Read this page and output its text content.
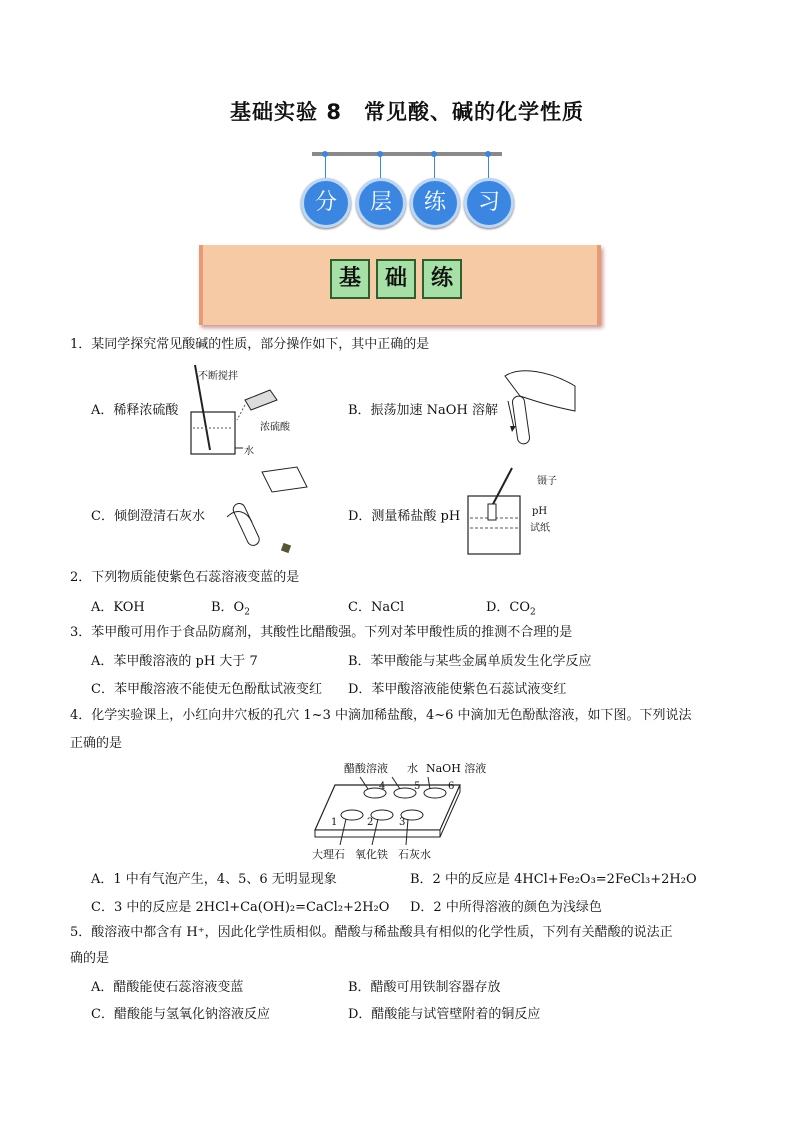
基础实验 8　常见酸、碱的化学性质
分	层	练	习
基	础	练
1．某同学探究常见酸碱的性质，部分操作如下，其中正确的是
A．稀释浓硫酸	B．振荡加速 NaOH 溶解
C．倾倒澄清石灰水	D．测量稀盐酸 pH
不断搅拌
浓硫酸
水
镊子
pH
试纸
2．下列物质能使紫色石蕊溶液变蓝的是
A．KOH	B．$O_2$	C．NaCl	D．$CO_2$
3．苯甲酸可用作于食品防腐剂，其酸性比醋酸强。下列对苯甲酸性质的推测不合理的是
A．苯甲酸溶液的 pH 大于 7	B．苯甲酸能与某些金属单质发生化学反应
C．苯甲酸溶液不能使无色酚酞试液变红 D．苯甲酸溶液能使紫色石蕊试液变红
4．化学实验课上，小红向井穴板的孔穴 1~3 中滴加稀盐酸，4~6 中滴加无色酚酞溶液，如下图。下列说法
正确的是
醋酸溶液 水 NaOH 溶液
4	5	6
1	2	3
大理石 氧化铁 石灰水
A．1 中有气泡产生，4、5、6 无明显现象	B．2 中的反应是 4HCl+Fe₂O₃=2FeCl₃+2H₂O
C．3 中的反应是 2HCl+Ca(OH)₂=CaCl₂+2H₂O D．2 中所得溶液的颜色为浅绿色
5．酸溶液中都含有 H⁺，因此化学性质相似。醋酸与稀盐酸具有相似的化学性质，下列有关醋酸的说法正
确的是
A．醋酸能使石蕊溶液变蓝	B．醋酸可用铁制容器存放
C．醋酸能与氢氧化钠溶液反应	D．醋酸能与试管壁附着的铜反应
